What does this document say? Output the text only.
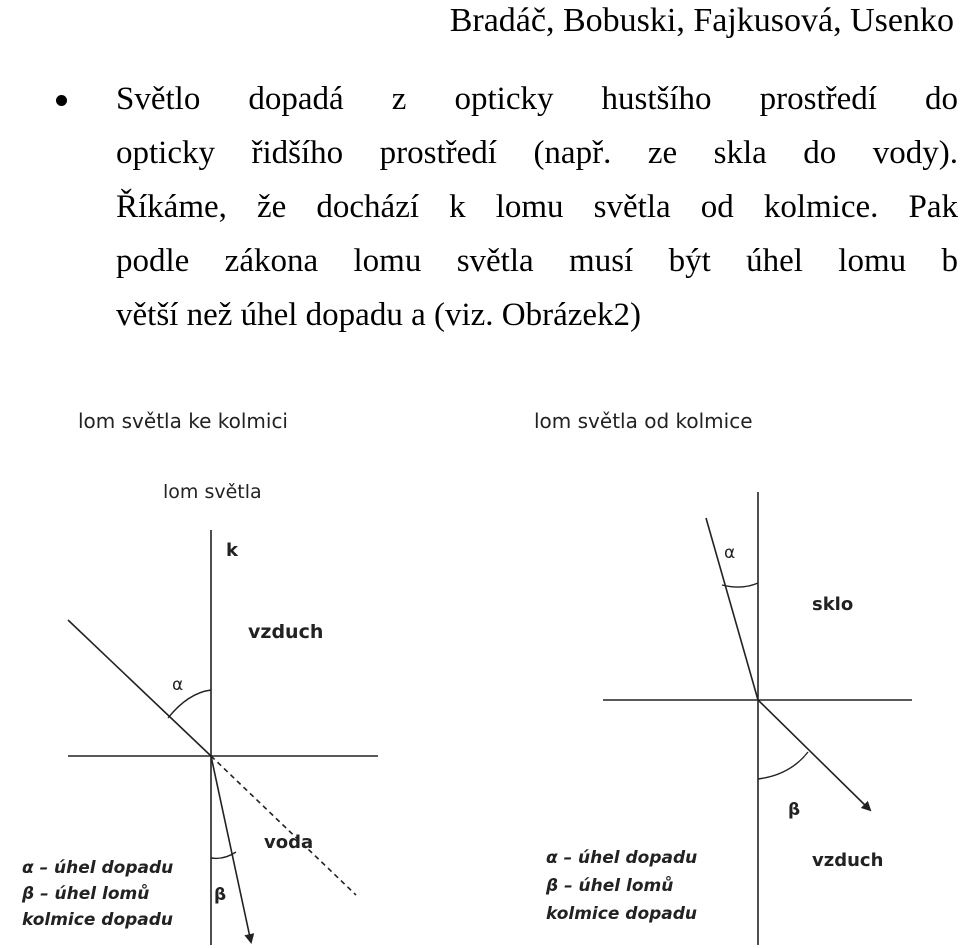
Bradáč, Bobuski, Fajkusová, Usenko
Světlo dopadá z opticky hustšího prostředí do
opticky řidšího prostředí (např. ze skla do vody).
Říkáme, že dochází k lomu světla od kolmice. Pak
podle zákona lomu světla musí být úhel lomu b
větší než úhel dopadu a (viz. Obrázek2)
lom světla ke kolmici
lom světla
k
vzduch
voda
α
β
α – úhel dopadu
β – úhel lomů
kolmice dopadu
lom světla od kolmice
α
sklo
β
vzduch
α – úhel dopadu
β – úhel lomů
kolmice dopadu
